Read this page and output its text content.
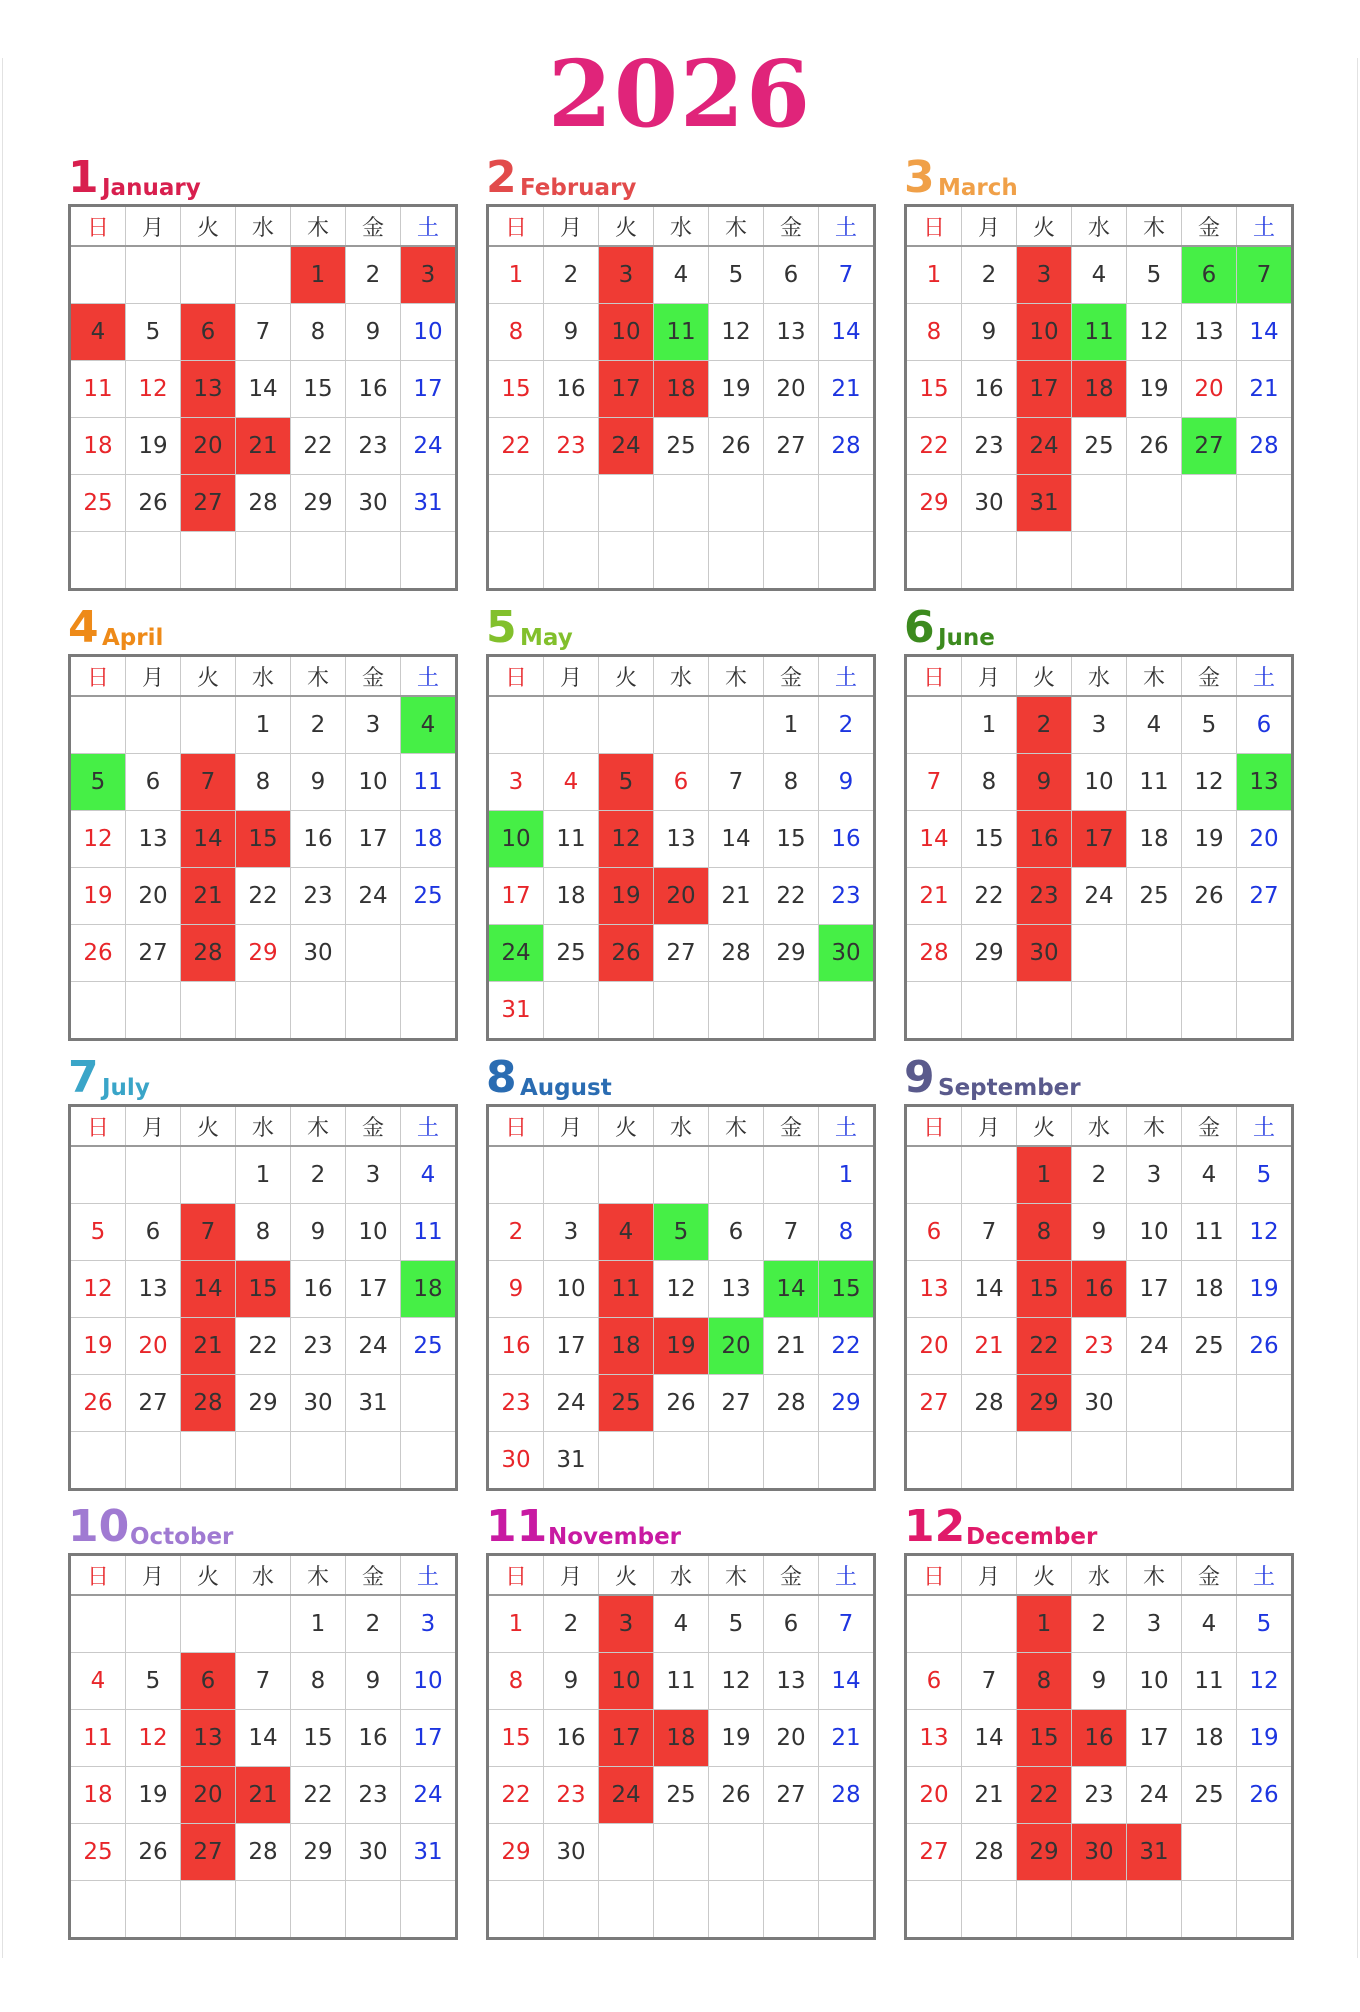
2026
1 January
日	月	火	水	木	金	土
				1	2	3
4	5	6	7	8	9	10
11	12	13	14	15	16	17
18	19	20	21	22	23	24
25	26	27	28	29	30	31

2 February
日	月	火	水	木	金	土
1	2	3	4	5	6	7
8	9	10	11	12	13	14
15	16	17	18	19	20	21
22	23	24	25	26	27	28

3 March
日	月	火	水	木	金	土
1	2	3	4	5	6	7
8	9	10	11	12	13	14
15	16	17	18	19	20	21
22	23	24	25	26	27	28
29	30	31				

4 April
日	月	火	水	木	金	土
			1	2	3	4
5	6	7	8	9	10	11
12	13	14	15	16	17	18
19	20	21	22	23	24	25
26	27	28	29	30		

5 May
日	月	火	水	木	金	土
					1	2
3	4	5	6	7	8	9
10	11	12	13	14	15	16
17	18	19	20	21	22	23
24	25	26	27	28	29	30
31						
6 June
日	月	火	水	木	金	土
	1	2	3	4	5	6
7	8	9	10	11	12	13
14	15	16	17	18	19	20
21	22	23	24	25	26	27
28	29	30				

7 July
日	月	火	水	木	金	土
			1	2	3	4
5	6	7	8	9	10	11
12	13	14	15	16	17	18
19	20	21	22	23	24	25
26	27	28	29	30	31	

8 August
日	月	火	水	木	金	土
						1
2	3	4	5	6	7	8
9	10	11	12	13	14	15
16	17	18	19	20	21	22
23	24	25	26	27	28	29
30	31					
9 September
日	月	火	水	木	金	土
		1	2	3	4	5
6	7	8	9	10	11	12
13	14	15	16	17	18	19
20	21	22	23	24	25	26
27	28	29	30			

10 October
日	月	火	水	木	金	土
				1	2	3
4	5	6	7	8	9	10
11	12	13	14	15	16	17
18	19	20	21	22	23	24
25	26	27	28	29	30	31

11 November
日	月	火	水	木	金	土
1	2	3	4	5	6	7
8	9	10	11	12	13	14
15	16	17	18	19	20	21
22	23	24	25	26	27	28
29	30					

12 December
日	月	火	水	木	金	土
		1	2	3	4	5
6	7	8	9	10	11	12
13	14	15	16	17	18	19
20	21	22	23	24	25	26
27	28	29	30	31		
